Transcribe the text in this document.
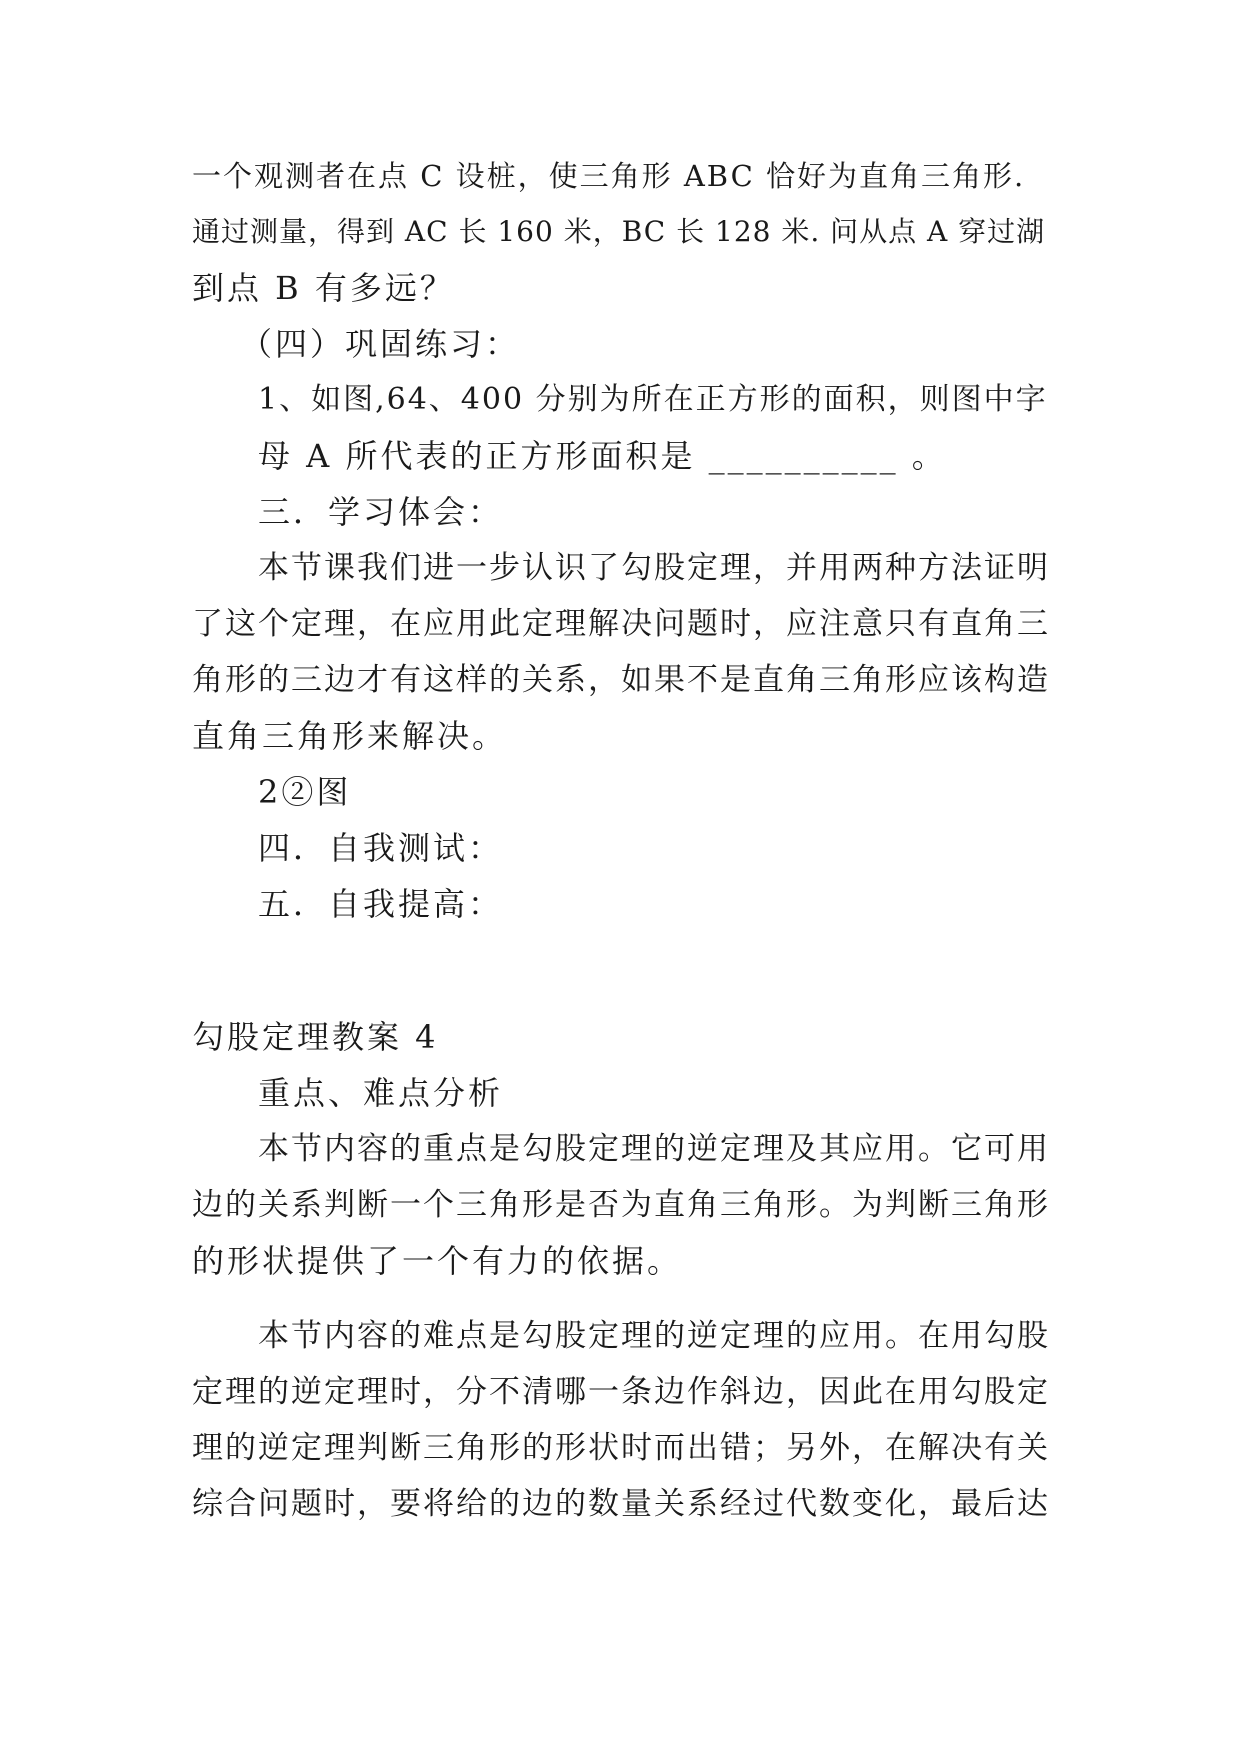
一个观测者在点 C 设桩，使三角形 ABC 恰好为直角三角形.
通过测量，得到 AC 长 160 米，BC 长 128 米. 问从点 A 穿过湖
到点 B 有多远？
（四）巩固练习：
1、如图,64、400 分别为所在正方形的面积，则图中字
母 A 所代表的正方形面积是 __________ 。
三．学习体会：
本节课我们进一步认识了勾股定理，并用两种方法证明
了这个定理，在应用此定理解决问题时，应注意只有直角三
角形的三边才有这样的关系，如果不是直角三角形应该构造
直角三角形来解决。
2②图
四．自我测试：
五．自我提高：
勾股定理教案 4
重点、难点分析
本节内容的重点是勾股定理的逆定理及其应用。它可用
边的关系判断一个三角形是否为直角三角形。为判断三角形
的形状提供了一个有力的依据。
本节内容的难点是勾股定理的逆定理的应用。在用勾股
定理的逆定理时，分不清哪一条边作斜边，因此在用勾股定
理的逆定理判断三角形的形状时而出错；另外，在解决有关
综合问题时，要将给的边的数量关系经过代数变化，最后达
